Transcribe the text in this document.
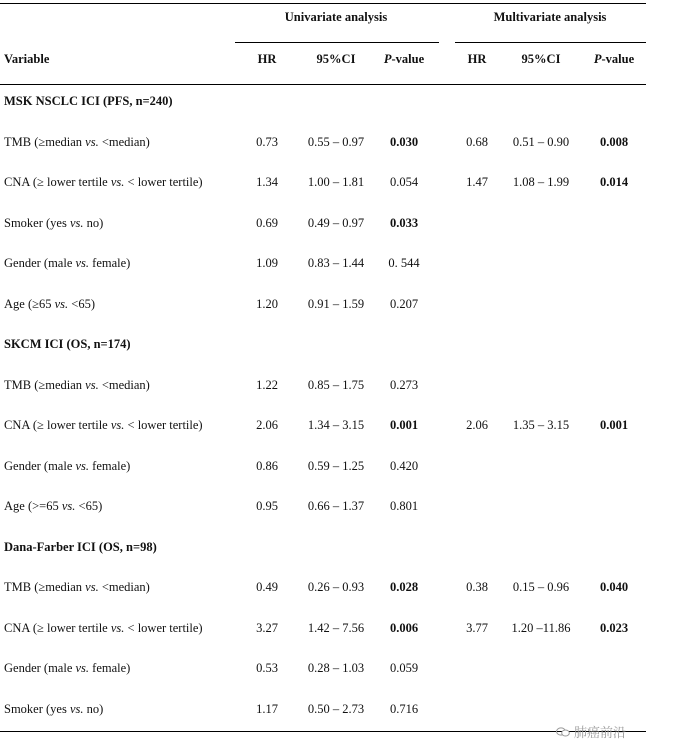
Univariate analysis	Multivariate analysis
Variable	HR	95%CI	P-value	HR	95%CI	P-value
MSK NSCLC ICI (PFS, n=240)
TMB (≥median vs. <median)	0.73	0.55 – 0.97	0.030	0.68	0.51 – 0.90	0.008
CNA (≥ lower tertile vs. < lower tertile)	1.34	1.00 – 1.81	0.054	1.47	1.08 – 1.99	0.014
Smoker (yes vs. no)	0.69	0.49 – 0.97	0.033
Gender (male vs. female)	1.09	0.83 – 1.44	0. 544
Age (≥65 vs. <65)	1.20	0.91 – 1.59	0.207
SKCM ICI (OS, n=174)
TMB (≥median vs. <median)	1.22	0.85 – 1.75	0.273
CNA (≥ lower tertile vs. < lower tertile)	2.06	1.34 – 3.15	0.001	2.06	1.35 – 3.15	0.001
Gender (male vs. female)	0.86	0.59 – 1.25	0.420
Age (>=65 vs. <65)	0.95	0.66 – 1.37	0.801
Dana-Farber ICI (OS, n=98)
TMB (≥median vs. <median)	0.49	0.26 – 0.93	0.028	0.38	0.15 – 0.96	0.040
CNA (≥ lower tertile vs. < lower tertile)	3.27	1.42 – 7.56	0.006	3.77	1.20 –11.86	0.023
Gender (male vs. female)	0.53	0.28 – 1.03	0.059
Smoker (yes vs. no)	1.17	0.50 – 2.73	0.716
肺癌前沿
